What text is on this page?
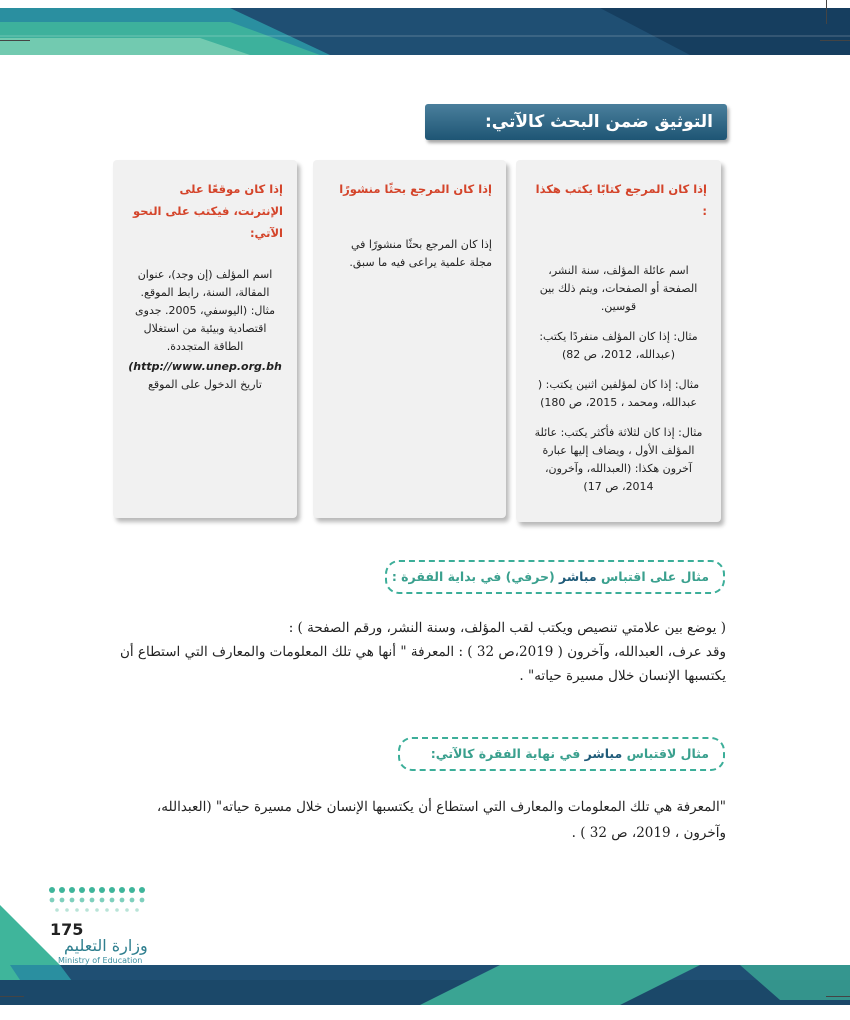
التوثيق ضمن البحث كالآتي:
إذا كان المرجع كتابًا يكتب هكذا :

اسم عائلة المؤلف، سنة النشر، الصفحة أو الصفحات، ويتم ذلك بين قوسين.

مثال: إذا كان المؤلف منفردًا يكتب: (عبدالله، 2012، ص 82)

مثال: إذا كان لمؤلفين اثنين يكتب: ( عبدالله، ومحمد ، 2015، ص 180)

مثال: إذا كان لثلاثة فأكثر يكتب: عائلة المؤلف الأول ، ويضاف إليها عبارة آخرون هكذا: (العبدالله، وآخرون، 2014، ص 17)

إذا كان المرجع بحثًا منشورًا

إذا كان المرجع بحثًا منشورًا في مجلة علمية يراعى فيه ما سبق.

إذا كان موقعًا على الإنترنت، فيكتب على النحو الآتي:

اسم المؤلف (إن وجد)، عنوان المقالة، السنة، رابط الموقع. مثال: (اليوسفي، 2005. جدوى اقتصادية وبيئية من استغلال الطاقة المتجددة.

(http://www.unep.org.bh
تاريخ الدخول على الموقع
مثال على اقتباس مباشر (حرفي) في بداية الفقرة :
( يوضع بين علامتي تنصيص ويكتب لقب المؤلف، وسنة النشر، ورقم الصفحة ) :
وقد عرف، العبدالله، وآخرون ( 2019،ص 32 ) : المعرفة " أنها هي تلك المعلومات والمعارف التي استطاع أن يكتسبها الإنسان خلال مسيرة حياته" .
مثال لاقتباس مباشر في نهاية الفقرة كالآتي:
"المعرفة هي تلك المعلومات والمعارف التي استطاع أن يكتسبها الإنسان خلال مسيرة حياته" (العبدالله، وآخرون ، 2019، ص 32 ) .
175
وزارة التعليم
Ministry of Education
